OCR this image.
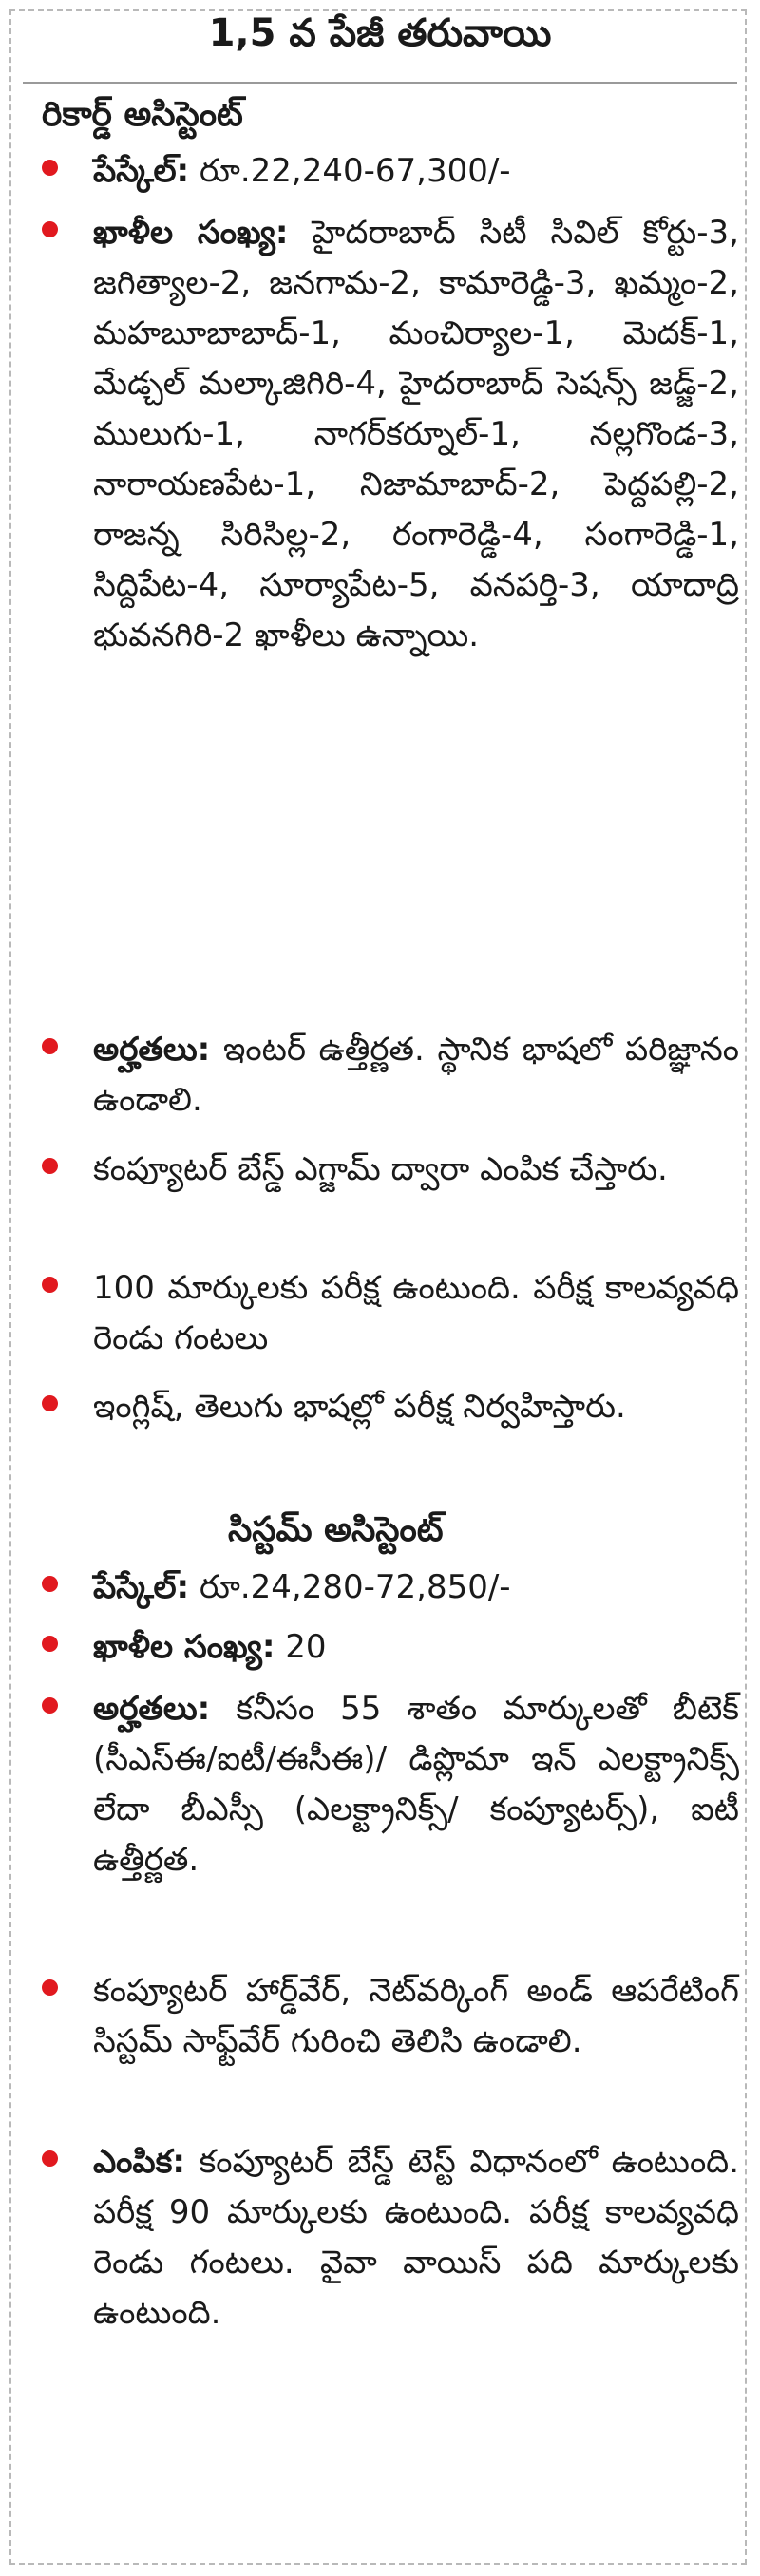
1,5 వ పేజీ తరువాయి
రికార్డ్ అసిస్టెంట్
పేస్కేల్: రూ.22,240-67,300/-
ఖాళీల సంఖ్య: హైదరాబాద్ సిటీ సివిల్ కోర్టు-3, జగిత్యాల-2, జనగామ-2, కామారెడ్డి-3, ఖమ్మం-2, మహబూబాబాద్-1, మంచిర్యాల-1, మెదక్-1, మేడ్చల్ మల్కాజిగిరి-4, హైదరాబాద్ సెషన్స్ జడ్జ్-2, ములుగు-1, నాగర్‌కర్నూల్-1, నల్లగొండ-3, నారాయణపేట-1, నిజామాబాద్-2, పెద్దపల్లి-2, రాజన్న సిరిసిల్ల-2, రంగారెడ్డి-4, సంగారెడ్డి-1, సిద్దిపేట-4, సూర్యాపేట-5, వనపర్తి-3, యాదాద్రి భువనగిరి-2 ఖాళీలు ఉన్నాయి.
అర్హతలు: ఇంటర్ ఉత్తీర్ణత. స్థానిక భాషలో పరిజ్ఞానం ఉండాలి.
కంప్యూటర్ బేస్డ్ ఎగ్జామ్ ద్వారా ఎంపిక చేస్తారు.
100 మార్కులకు పరీక్ష ఉంటుంది. పరీక్ష కాలవ్యవధి రెండు గంటలు
ఇంగ్లిష్, తెలుగు భాషల్లో పరీక్ష నిర్వహిస్తారు.
సిస్టమ్ అసిస్టెంట్
పేస్కేల్: రూ.24,280-72,850/-
ఖాళీల సంఖ్య: 20
అర్హతలు: కనీసం 55 శాతం మార్కులతో బీటెక్ (సీఎస్ఈ/ఐటీ/ఈసీఈ)/ డిప్లొమా ఇన్ ఎలక్ట్రానిక్స్ లేదా బీఎస్సీ (ఎలక్ట్రానిక్స్/ కంప్యూటర్స్), ఐటీ ఉత్తీర్ణత.
కంప్యూటర్ హార్డ్‌వేర్, నెట్‌వర్కింగ్ అండ్ ఆపరేటింగ్ సిస్టమ్ సాఫ్ట్‌వేర్ గురించి తెలిసి ఉండాలి.
ఎంపిక: కంప్యూటర్ బేస్డ్ టెస్ట్ విధానంలో ఉంటుంది. పరీక్ష 90 మార్కులకు ఉంటుంది. పరీక్ష కాలవ్యవధి రెండు గంటలు. వైవా వాయిస్ పది మార్కులకు ఉంటుంది.
